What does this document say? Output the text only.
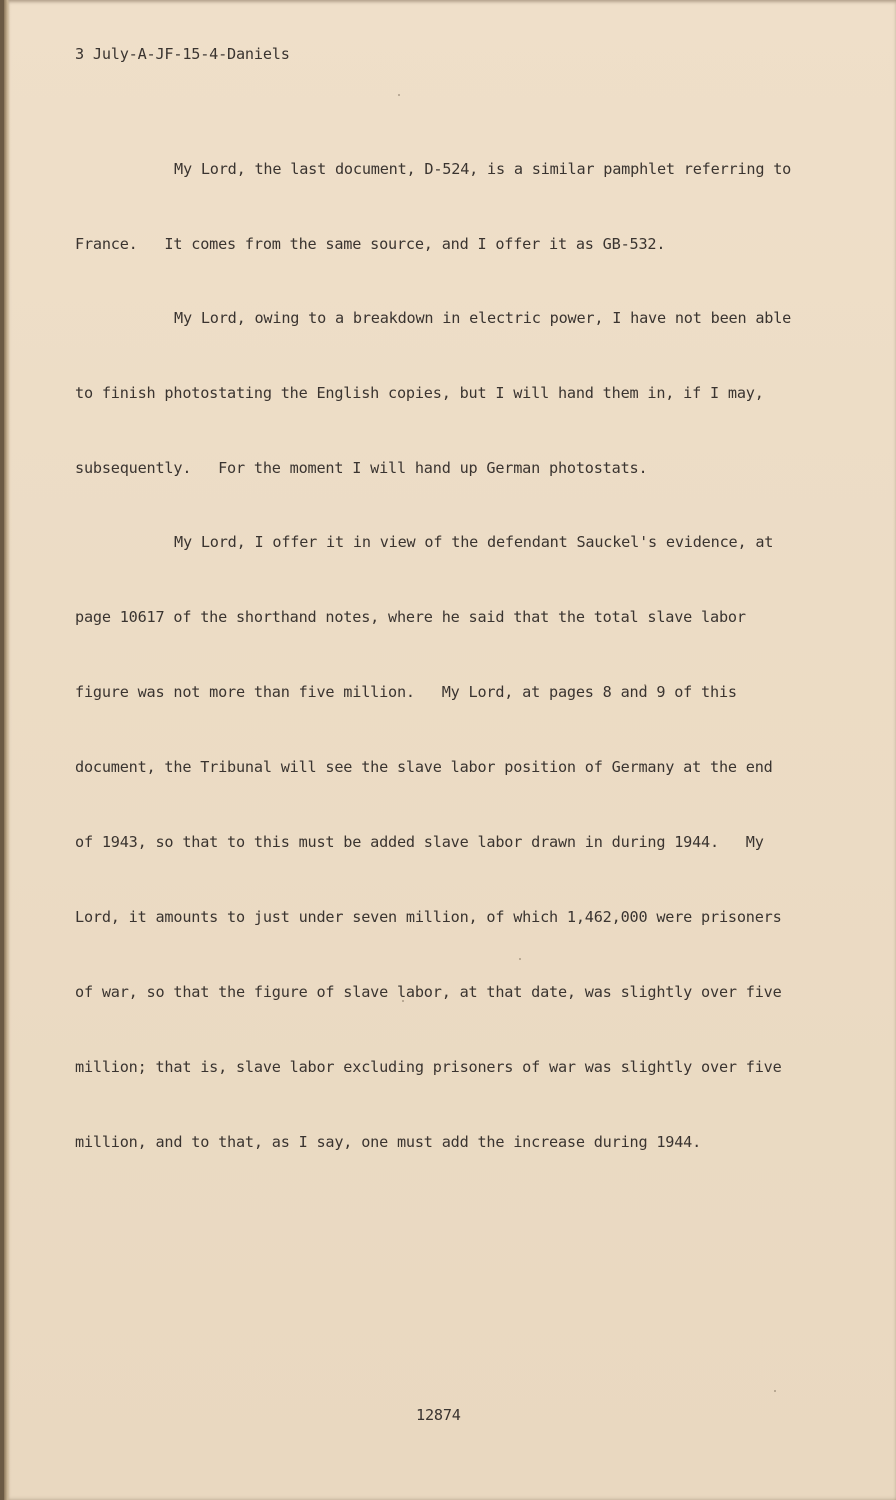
3 July-A-JF-15-4-Daniels

My Lord, the last document, D-524, is a similar pamphlet referring to

France.   It comes from the same source, and I offer it as GB-532.

My Lord, owing to a breakdown in electric power, I have not been able

to finish photostating the English copies, but I will hand them in, if I may,

subsequently.   For the moment I will hand up German photostats.

My Lord, I offer it in view of the defendant Sauckel's evidence, at

page 10617 of the shorthand notes, where he said that the total slave labor

figure was not more than five million.   My Lord, at pages 8 and 9 of this

document, the Tribunal will see the slave labor position of Germany at the end

of 1943, so that to this must be added slave labor drawn in during 1944.   My

Lord, it amounts to just under seven million, of which 1,462,000 were prisoners

of war, so that the figure of slave labor, at that date, was slightly over five

million; that is, slave labor excluding prisoners of war was slightly over five

million, and to that, as I say, one must add the increase during 1944.

12874
